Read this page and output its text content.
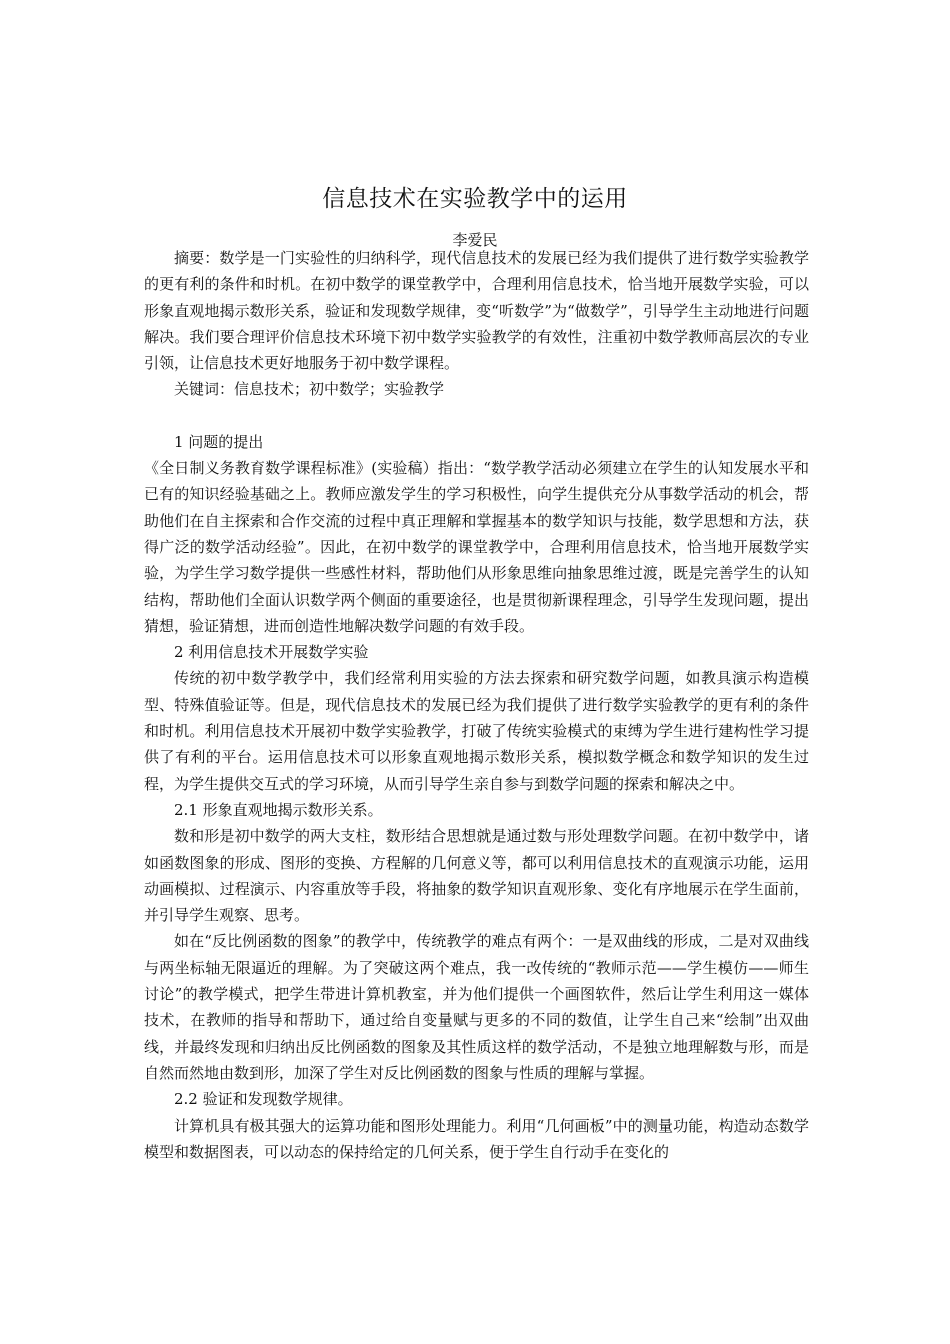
信息技术在实验教学中的运用
李爱民

摘要：数学是一门实验性的归纳科学，现代信息技术的发展已经为我们提供了进行数学实验教学的更有利的条件和时机。在初中数学的课堂教学中，合理利用信息技术，恰当地开展数学实验，可以形象直观地揭示数形关系，验证和发现数学规律，变“听数学”为“做数学”，引导学生主动地进行问题解决。我们要合理评价信息技术环境下初中数学实验教学的有效性，注重初中数学教师高层次的专业引领，让信息技术更好地服务于初中数学课程。

关键词：信息技术；初中数学；实验教学

1 问题的提出

《全日制义务教育数学课程标准》(实验稿）指出：“数学教学活动必须建立在学生的认知发展水平和已有的知识经验基础之上。教师应激发学生的学习积极性，向学生提供充分从事数学活动的机会，帮助他们在自主探索和合作交流的过程中真正理解和掌握基本的数学知识与技能，数学思想和方法，获得广泛的数学活动经验”。因此，在初中数学的课堂教学中，合理利用信息技术，恰当地开展数学实验，为学生学习数学提供一些感性材料，帮助他们从形象思维向抽象思维过渡，既是完善学生的认知结构，帮助他们全面认识数学两个侧面的重要途径，也是贯彻新课程理念，引导学生发现问题，提出猜想，验证猜想，进而创造性地解决数学问题的有效手段。

2 利用信息技术开展数学实验

传统的初中数学教学中，我们经常利用实验的方法去探索和研究数学问题，如教具演示构造模型、特殊值验证等。但是，现代信息技术的发展已经为我们提供了进行数学实验教学的更有利的条件和时机。利用信息技术开展初中数学实验教学，打破了传统实验模式的束缚为学生进行建构性学习提供了有利的平台。运用信息技术可以形象直观地揭示数形关系，模拟数学概念和数学知识的发生过程，为学生提供交互式的学习环境，从而引导学生亲自参与到数学问题的探索和解决之中。

2.1 形象直观地揭示数形关系。

数和形是初中数学的两大支柱，数形结合思想就是通过数与形处理数学问题。在初中数学中，诸如函数图象的形成、图形的变换、方程解的几何意义等，都可以利用信息技术的直观演示功能，运用动画模拟、过程演示、内容重放等手段，将抽象的数学知识直观形象、变化有序地展示在学生面前，并引导学生观察、思考。

如在“反比例函数的图象”的教学中，传统教学的难点有两个：一是双曲线的形成，二是对双曲线与两坐标轴无限逼近的理解。为了突破这两个难点，我一改传统的“教师示范——学生模仿——师生讨论”的教学模式，把学生带进计算机教室，并为他们提供一个画图软件，然后让学生利用这一媒体技术，在教师的指导和帮助下，通过给自变量赋与更多的不同的数值，让学生自己来“绘制”出双曲线，并最终发现和归纳出反比例函数的图象及其性质这样的数学活动，不是独立地理解数与形，而是自然而然地由数到形，加深了学生对反比例函数的图象与性质的理解与掌握。

2.2 验证和发现数学规律。

计算机具有极其强大的运算功能和图形处理能力。利用“几何画板”中的测量功能，构造动态数学模型和数据图表，可以动态的保持给定的几何关系，便于学生自行动手在变化的
